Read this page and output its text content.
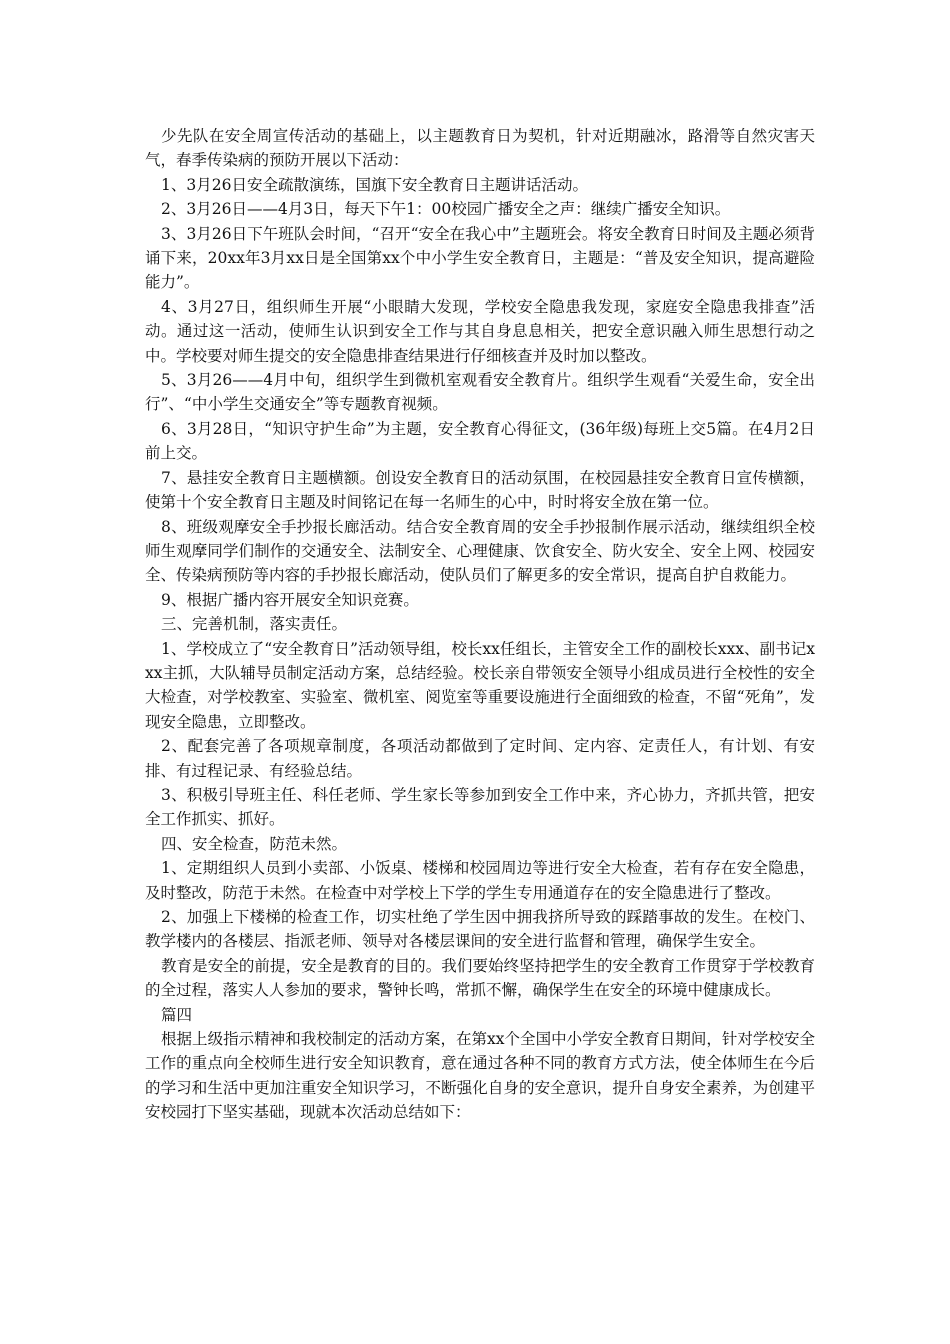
少先队在安全周宣传活动的基础上，以主题教育日为契机，针对近期融冰，路滑等自然灾害天气，春季传染病的预防开展以下活动：

1、3月26日安全疏散演练，国旗下安全教育日主题讲话活动。

2、3月26日——4月3日，每天下午1：00校园广播安全之声：继续广播安全知识。

3、3月26日下午班队会时间，“召开“安全在我心中”主题班会。将安全教育日时间及主题必须背诵下来，20xx年3月xx日是全国第xx个中小学生安全教育日，主题是：“普及安全知识，提高避险能力”。

4、3月27日，组织师生开展“小眼睛大发现，学校安全隐患我发现，家庭安全隐患我排查”活动。通过这一活动，使师生认识到安全工作与其自身息息相关，把安全意识融入师生思想行动之中。学校要对师生提交的安全隐患排查结果进行仔细核查并及时加以整改。

5、3月26——4月中旬，组织学生到微机室观看安全教育片。组织学生观看“关爱生命，安全出行”、“中小学生交通安全”等专题教育视频。

6、3月28日，“知识守护生命”为主题，安全教育心得征文，(36年级)每班上交5篇。在4月2日前上交。

7、悬挂安全教育日主题横额。创设安全教育日的活动氛围，在校园悬挂安全教育日宣传横额，使第十个安全教育日主题及时间铭记在每一名师生的心中，时时将安全放在第一位。

8、班级观摩安全手抄报长廊活动。结合安全教育周的安全手抄报制作展示活动，继续组织全校师生观摩同学们制作的交通安全、法制安全、心理健康、饮食安全、防火安全、安全上网、校园安全、传染病预防等内容的手抄报长廊活动，使队员们了解更多的安全常识，提高自护自救能力。

9、根据广播内容开展安全知识竞赛。

三、完善机制，落实责任。

1、学校成立了“安全教育日”活动领导组，校长xx任组长，主管安全工作的副校长xxx、副书记xxx主抓，大队辅导员制定活动方案，总结经验。校长亲自带领安全领导小组成员进行全校性的安全大检查，对学校教室、实验室、微机室、阅览室等重要设施进行全面细致的检查，不留“死角”，发现安全隐患，立即整改。

2、配套完善了各项规章制度，各项活动都做到了定时间、定内容、定责任人，有计划、有安排、有过程记录、有经验总结。

3、积极引导班主任、科任老师、学生家长等参加到安全工作中来，齐心协力，齐抓共管，把安全工作抓实、抓好。

四、安全检查，防范未然。

1、定期组织人员到小卖部、小饭桌、楼梯和校园周边等进行安全大检查，若有存在安全隐患，及时整改，防范于未然。在检查中对学校上下学的学生专用通道存在的安全隐患进行了整改。

2、加强上下楼梯的检查工作，切实杜绝了学生因中拥我挤所导致的踩踏事故的发生。在校门、教学楼内的各楼层、指派老师、领导对各楼层课间的安全进行监督和管理，确保学生安全。

教育是安全的前提，安全是教育的目的。我们要始终坚持把学生的安全教育工作贯穿于学校教育的全过程，落实人人参加的要求，警钟长鸣，常抓不懈，确保学生在安全的环境中健康成长。

篇四

根据上级指示精神和我校制定的活动方案，在第xx个全国中小学安全教育日期间，针对学校安全工作的重点向全校师生进行安全知识教育，意在通过各种不同的教育方式方法，使全体师生在今后的学习和生活中更加注重安全知识学习，不断强化自身的安全意识，提升自身安全素养，为创建平安校园打下坚实基础，现就本次活动总结如下：
